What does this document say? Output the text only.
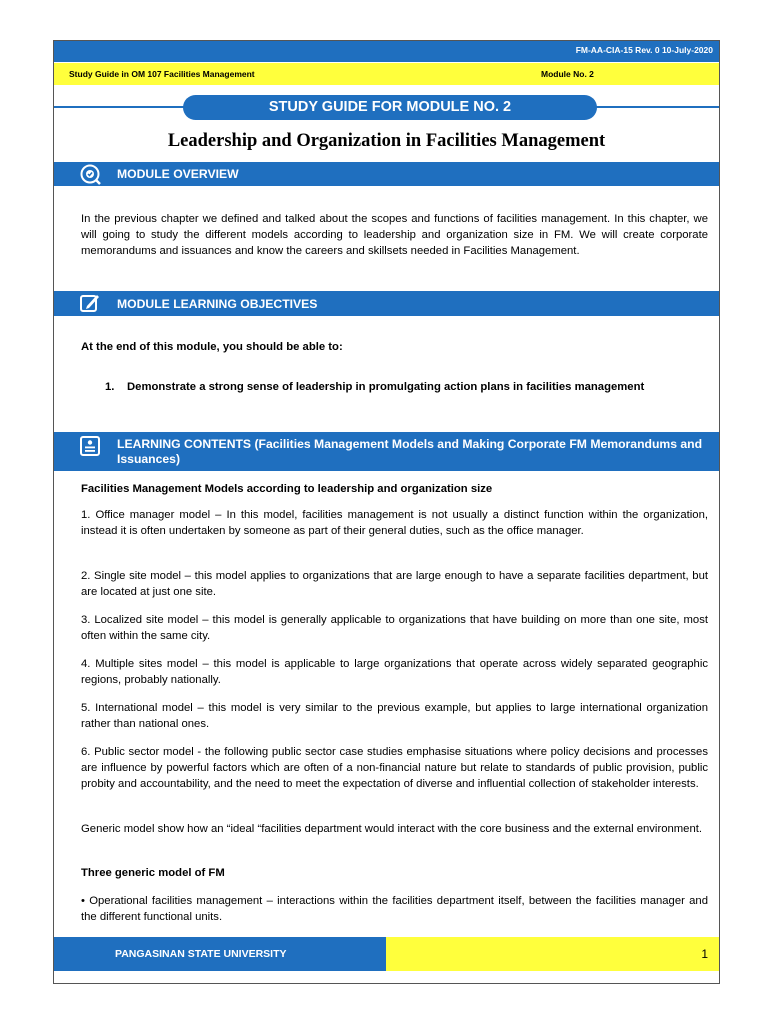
FM-AA-CIA-15 Rev. 0 10-July-2020
Study Guide in OM 107 Facilities Management	Module No. 2
STUDY GUIDE FOR MODULE NO. 2
Leadership and Organization in Facilities Management
MODULE OVERVIEW
In the previous chapter we defined and talked about the scopes and functions of facilities management. In this chapter, we will going to study the different models according to leadership and organization size in FM. We will create corporate memorandums and issuances and know the careers and skillsets needed in Facilities Management.
MODULE LEARNING OBJECTIVES
At the end of this module, you should be able to:
1.	Demonstrate a strong sense of leadership in promulgating action plans in facilities management
LEARNING CONTENTS (Facilities Management Models and Making Corporate FM Memorandums and Issuances)
Facilities Management Models according to leadership and organization size
1. Office manager model – In this model, facilities management is not usually a distinct function within the organization, instead it is often undertaken by someone as part of their general duties, such as the office manager.
2. Single site model – this model applies to organizations that are large enough to have a separate facilities department, but are located at just one site.
3. Localized site model – this model is generally applicable to organizations that have building on more than one site, most often within the same city.
4. Multiple sites model – this model is applicable to large organizations that operate across widely separated geographic regions, probably nationally.
5. International model – this model is very similar to the previous example, but applies to large international organization rather than national ones.
6. Public sector model - the following public sector case studies emphasise situations where policy decisions and processes are influence by powerful factors which are often of a non-financial nature but relate to standards of public provision, public probity and accountability, and the need to meet the expectation of diverse and influential collection of stakeholder interests.
Generic model show how an “ideal “facilities department would interact with the core business and the external environment.
Three generic model of FM
• Operational facilities management – interactions within the facilities department itself, between the facilities manager and the different functional units.
PANGASINAN STATE UNIVERSITY	1
